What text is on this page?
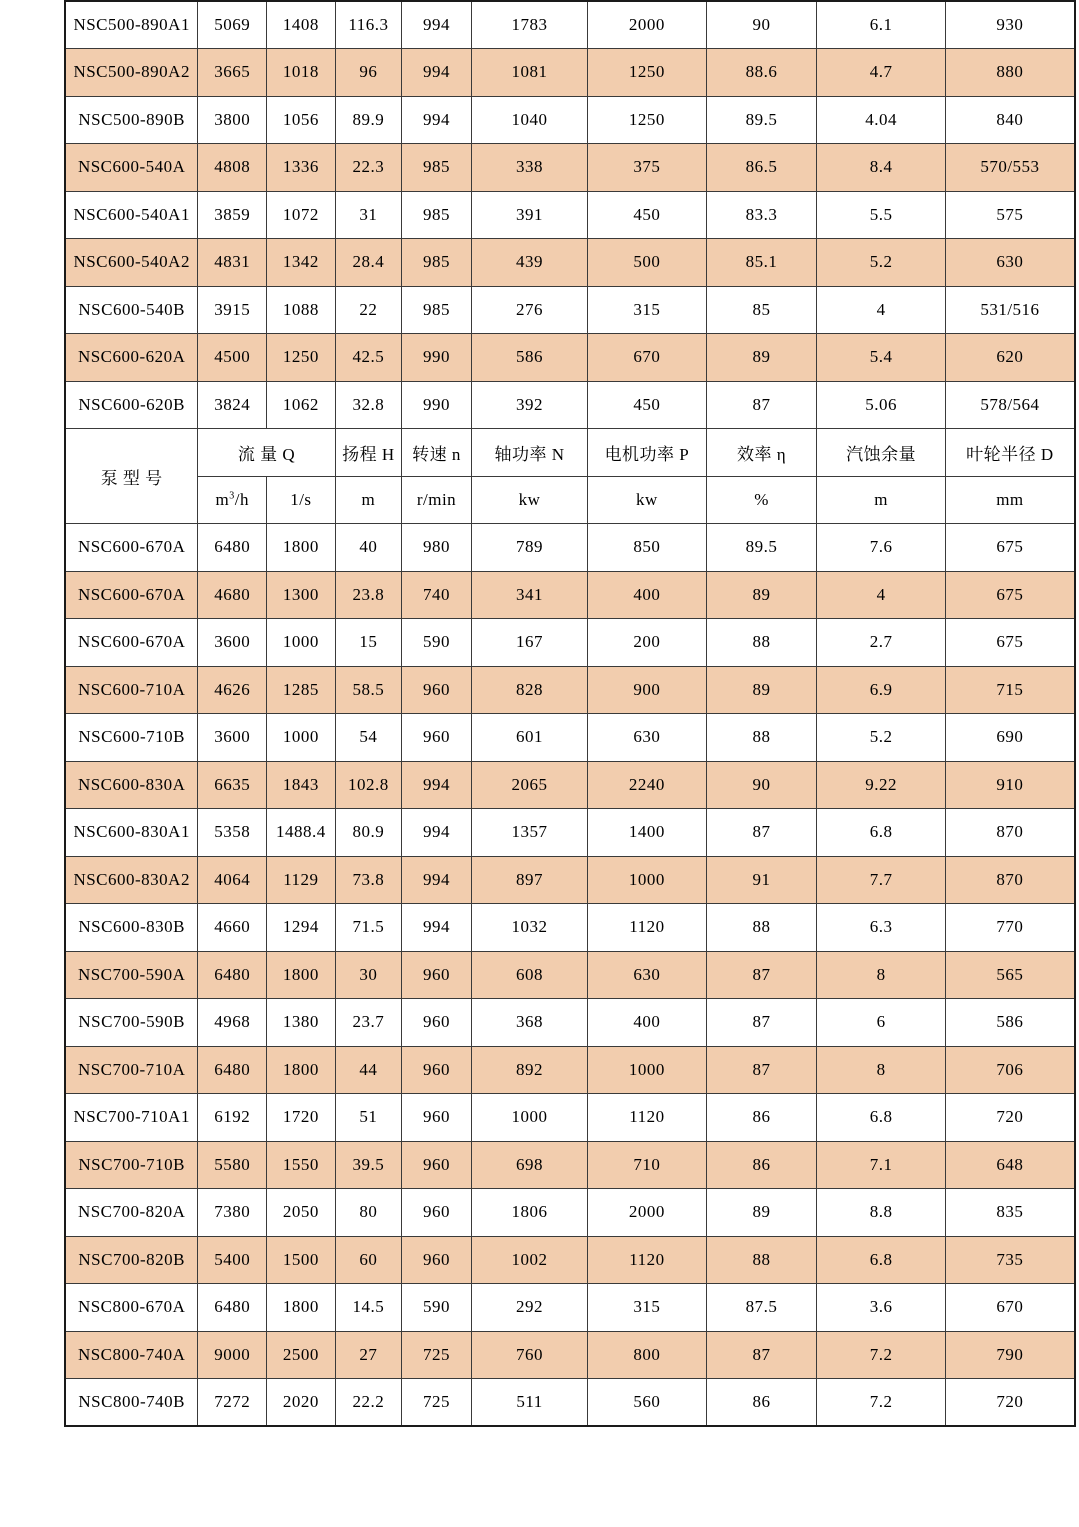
NSC500-890A1	5069	1408	116.3	994	1783	2000	90	6.1	930
NSC500-890A2	3665	1018	96	994	1081	1250	88.6	4.7	880
NSC500-890B	3800	1056	89.9	994	1040	1250	89.5	4.04	840
NSC600-540A	4808	1336	22.3	985	338	375	86.5	8.4	570/553
NSC600-540A1	3859	1072	31	985	391	450	83.3	5.5	575
NSC600-540A2	4831	1342	28.4	985	439	500	85.1	5.2	630
NSC600-540B	3915	1088	22	985	276	315	85	4	531/516
NSC600-620A	4500	1250	42.5	990	586	670	89	5.4	620
NSC600-620B	3824	1062	32.8	990	392	450	87	5.06	578/564
泵 型 号	流 量 Q		扬程 H	转速 n	轴功率 N	电机功率 P	效率 η	汽蚀余量	叶轮半径 D
	$m^3/h$	1/s	m	r/min	kw	kw	%	m	mm
NSC600-670A	6480	1800	40	980	789	850	89.5	7.6	675
NSC600-670A	4680	1300	23.8	740	341	400	89	4	675
NSC600-670A	3600	1000	15	590	167	200	88	2.7	675
NSC600-710A	4626	1285	58.5	960	828	900	89	6.9	715
NSC600-710B	3600	1000	54	960	601	630	88	5.2	690
NSC600-830A	6635	1843	102.8	994	2065	2240	90	9.22	910
NSC600-830A1	5358	1488.4	80.9	994	1357	1400	87	6.8	870
NSC600-830A2	4064	1129	73.8	994	897	1000	91	7.7	870
NSC600-830B	4660	1294	71.5	994	1032	1120	88	6.3	770
NSC700-590A	6480	1800	30	960	608	630	87	8	565
NSC700-590B	4968	1380	23.7	960	368	400	87	6	586
NSC700-710A	6480	1800	44	960	892	1000	87	8	706
NSC700-710A1	6192	1720	51	960	1000	1120	86	6.8	720
NSC700-710B	5580	1550	39.5	960	698	710	86	7.1	648
NSC700-820A	7380	2050	80	960	1806	2000	89	8.8	835
NSC700-820B	5400	1500	60	960	1002	1120	88	6.8	735
NSC800-670A	6480	1800	14.5	590	292	315	87.5	3.6	670
NSC800-740A	9000	2500	27	725	760	800	87	7.2	790
NSC800-740B	7272	2020	22.2	725	511	560	86	7.2	720
